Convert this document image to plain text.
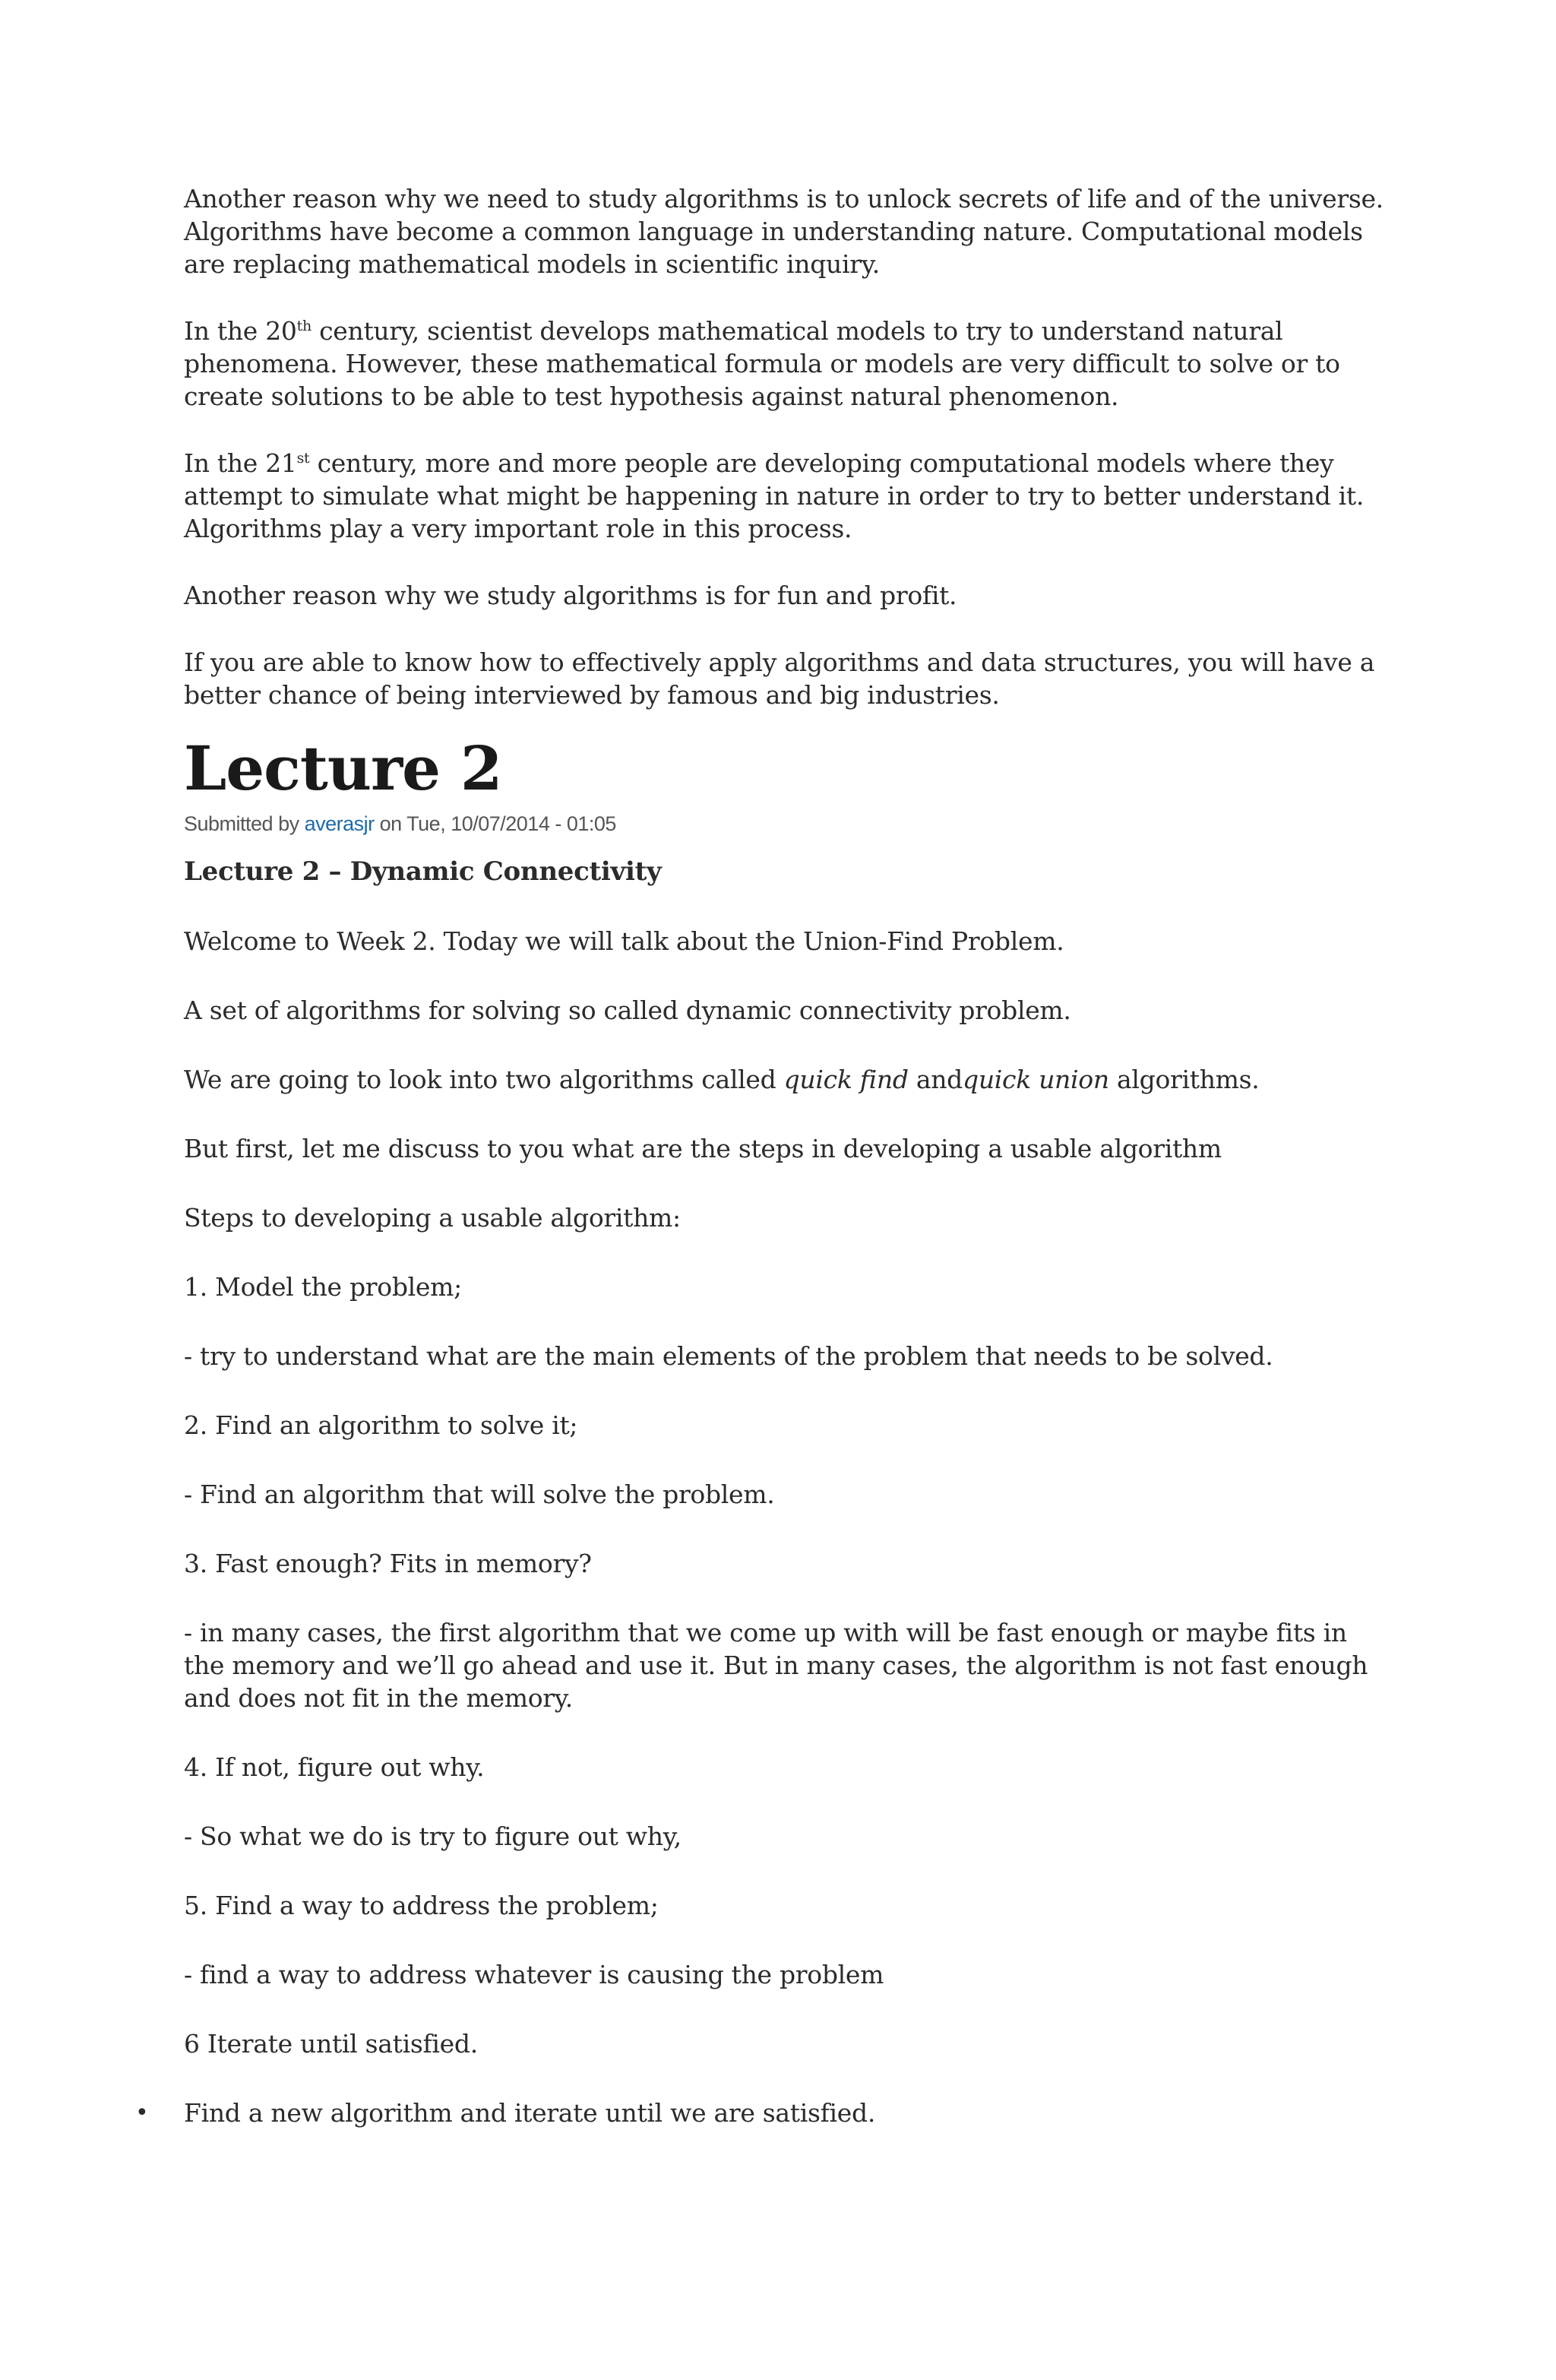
Another reason why we need to study algorithms is to unlock secrets of life and of the universe. Algorithms have become a common language in understanding nature. Computational models are replacing mathematical models in scientific inquiry.

In the 20th century, scientist develops mathematical models to try to understand natural phenomena. However, these mathematical formula or models are very difficult to solve or to create solutions to be able to test hypothesis against natural phenomenon.

In the 21st century, more and more people are developing computational models where they attempt to simulate what might be happening in nature in order to try to better understand it. Algorithms play a very important role in this process.

Another reason why we study algorithms is for fun and profit.

If you are able to know how to effectively apply algorithms and data structures, you will have a better chance of being interviewed by famous and big industries.

Lecture 2
Submitted by averasjr on Tue, 10/07/2014 - 01:05

Lecture 2 – Dynamic Connectivity

Welcome to Week 2. Today we will talk about the Union-Find Problem.

A set of algorithms for solving so called dynamic connectivity problem.

We are going to look into two algorithms called quick find andquick union algorithms.

But first, let me discuss to you what are the steps in developing a usable algorithm

Steps to developing a usable algorithm:

1. Model the problem;

- try to understand what are the main elements of the problem that needs to be solved.

2. Find an algorithm to solve it;

- Find an algorithm that will solve the problem.

3. Fast enough? Fits in memory?

- in many cases, the first algorithm that we come up with will be fast enough or maybe fits in the memory and we’ll go ahead and use it. But in many cases, the algorithm is not fast enough and does not fit in the memory.

4. If not, figure out why.

- So what we do is try to figure out why,

5. Find a way to address the problem;

- find a way to address whatever is causing the problem

6 Iterate until satisfied.

• Find a new algorithm and iterate until we are satisfied.
